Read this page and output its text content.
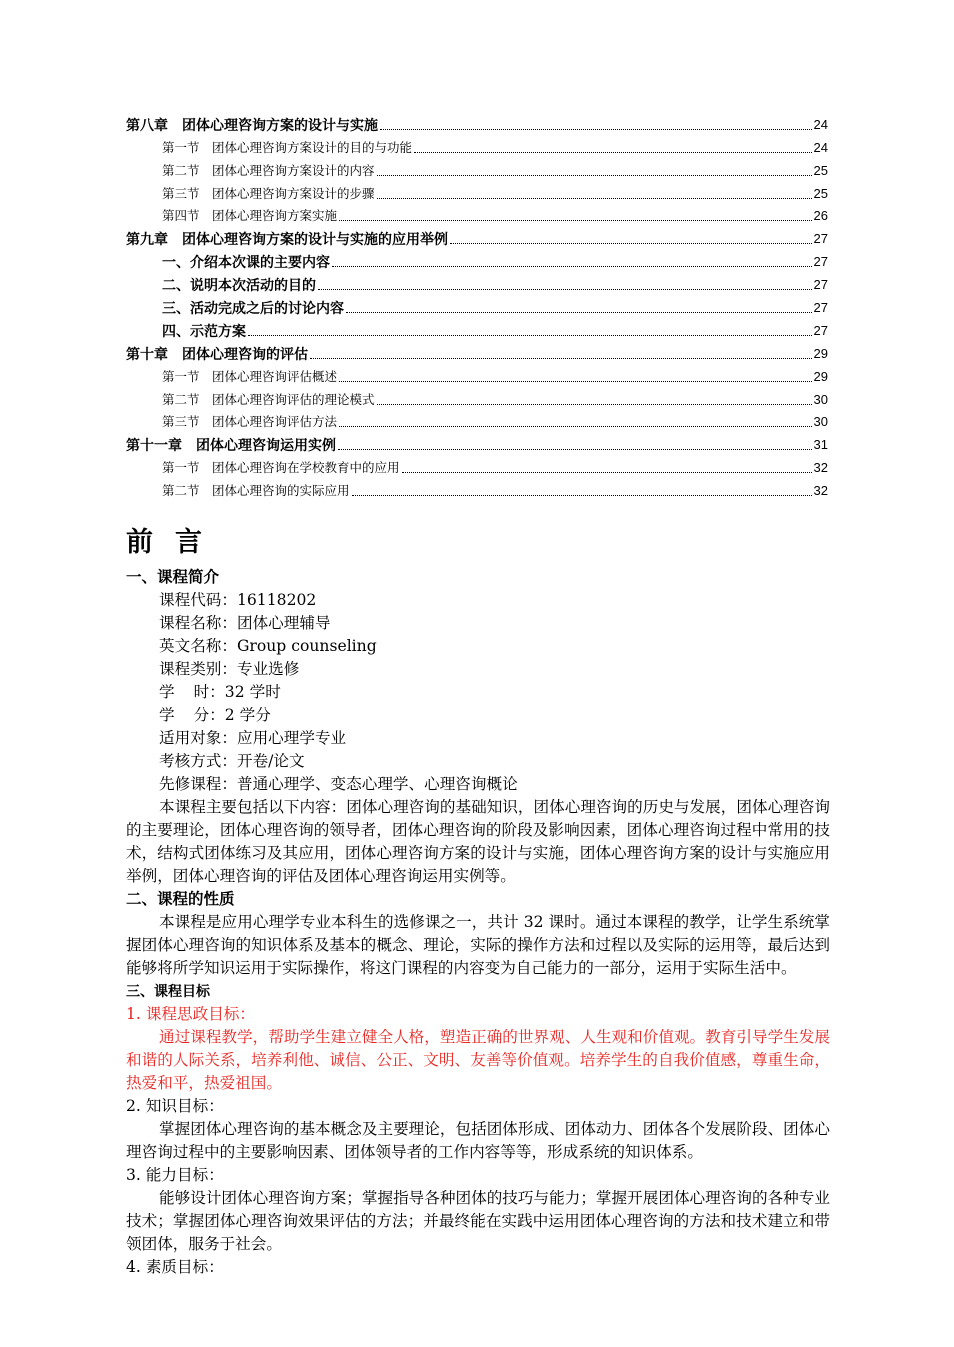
第八章　团体心理咨询方案的设计与实施	24
第一节　团体心理咨询方案设计的目的与功能	24
第二节　团体心理咨询方案设计的内容	25
第三节　团体心理咨询方案设计的步骤	25
第四节　团体心理咨询方案实施	26
第九章　团体心理咨询方案的设计与实施的应用举例	27
一、介绍本次课的主要内容	27
二、说明本次活动的目的	27
三、活动完成之后的讨论内容	27
四、示范方案	27
第十章　团体心理咨询的评估	29
第一节　团体心理咨询评估概述	29
第二节　团体心理咨询评估的理论模式	30
第三节　团体心理咨询评估方法	30
第十一章　团体心理咨询运用实例	31
第一节　团体心理咨询在学校教育中的应用	32
第二节　团体心理咨询的实际应用	32
前言
一、课程简介
课程代码：16118202
课程名称：团体心理辅导
英文名称：Group counseling
课程类别：专业选修
学 时：32 学时
学 分：2 学分
适用对象：应用心理学专业
考核方式：开卷/论文
先修课程：普通心理学、变态心理学、心理咨询概论
本课程主要包括以下内容：团体心理咨询的基础知识，团体心理咨询的历史与发展，团体心理咨询的主要理论，团体心理咨询的领导者，团体心理咨询的阶段及影响因素，团体心理咨询过程中常用的技术，结构式团体练习及其应用，团体心理咨询方案的设计与实施，团体心理咨询方案的设计与实施应用举例，团体心理咨询的评估及团体心理咨询运用实例等。
二、课程的性质
本课程是应用心理学专业本科生的选修课之一，共计 32 课时。通过本课程的教学，让学生系统掌握团体心理咨询的知识体系及基本的概念、理论，实际的操作方法和过程以及实际的运用等，最后达到能够将所学知识运用于实际操作，将这门课程的内容变为自己能力的一部分，运用于实际生活中。
三、课程目标
1. 课程思政目标：
通过课程教学，帮助学生建立健全人格，塑造正确的世界观、人生观和价值观。教育引导学生发展和谐的人际关系，培养利他、诚信、公正、文明、友善等价值观。培养学生的自我价值感，尊重生命，热爱和平，热爱祖国。
2. 知识目标：
掌握团体心理咨询的基本概念及主要理论，包括团体形成、团体动力、团体各个发展阶段、团体心理咨询过程中的主要影响因素、团体领导者的工作内容等等，形成系统的知识体系。
3. 能力目标：
能够设计团体心理咨询方案；掌握指导各种团体的技巧与能力；掌握开展团体心理咨询的各种专业技术；掌握团体心理咨询效果评估的方法；并最终能在实践中运用团体心理咨询的方法和技术建立和带领团体，服务于社会。
4. 素质目标：
